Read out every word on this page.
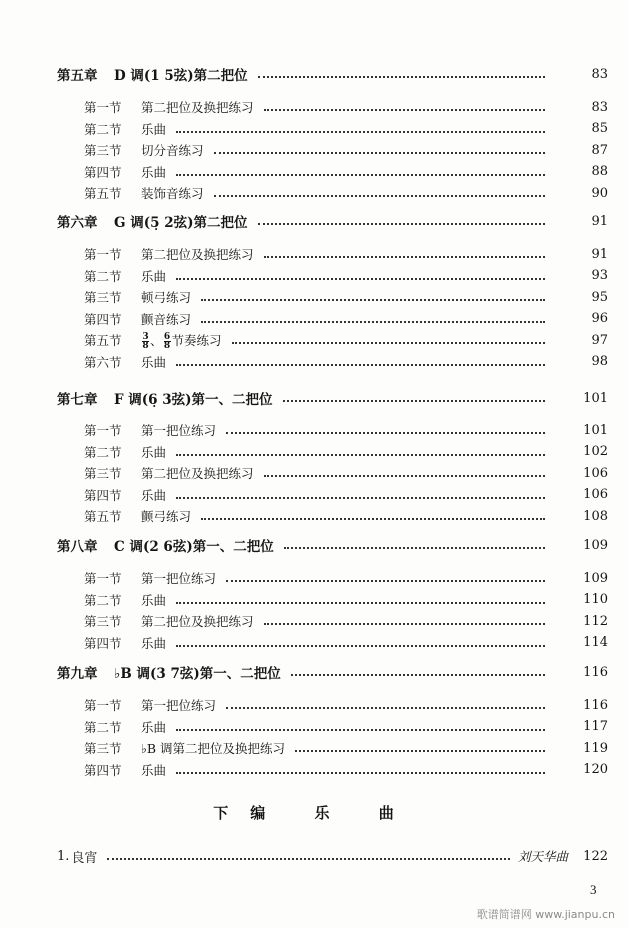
第五章	D 调(1 5弦)第二把位	83
第一节	第二把位及换把练习	83
第二节	乐曲	85
第三节	切分音练习	87
第四节	乐曲	88
第五节	装饰音练习	90
第六章	G 调(5̣ 2弦)第二把位	91
第一节	第二把位及换把练习	91
第二节	乐曲	93
第三节	顿弓练习	95
第四节	颤音练习	96
第五节	$\frac{3}{8}$ 、 $\frac{6}{8}$ 节奏练习	97
第六节	乐曲	98
第七章	F 调(6̣ 3弦)第一、二把位	101
第一节	第一把位练习	101
第二节	乐曲	102
第三节	第二把位及换把练习	106
第四节	乐曲	106
第五节	颤弓练习	108
第八章	C 调(2 6弦)第一、二把位	109
第一节	第一把位练习	109
第二节	乐曲	110
第三节	第二把位及换把练习	112
第四节	乐曲	114
第九章	♭B 调(3 7弦)第一、二把位	116
第一节	第一把位练习	116
第二节	乐曲	117
第三节	♭B 调第二把位及换把练习	119
第四节	乐曲	120
下编 乐 曲
1. 良宵	刘天华曲	122
3
歌谱简谱网 www.jianpu.cn
